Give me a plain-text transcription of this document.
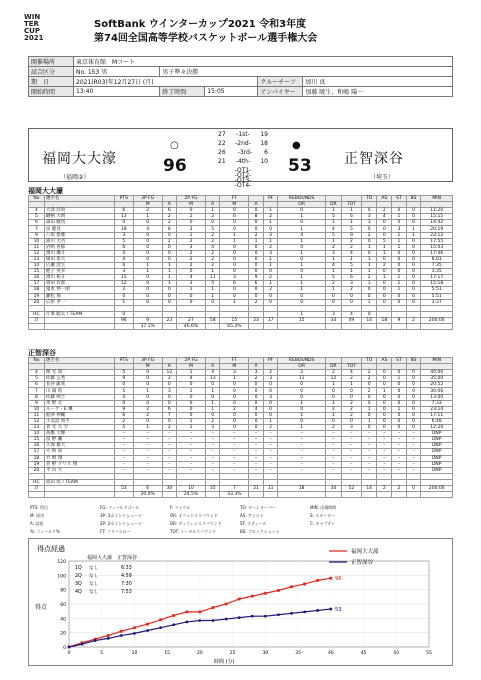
WIN
TER
CUP
2021
SoftBank ウインターカップ2021 令和3年度
第74回全国高等学校バスケットボール選手権大会
開催場所	東京体育館　Mコート				
試合区分	No. 153 男	男子準々決勝			
期　日	2021(R03)年12月27日 (月)			クルーチーフ	加川 真
開始時間	13:40	終了時間	15:05	アンパイヤー	加藤 暁生、和嶋 陽一
福岡大大濠
（福岡②）
○
96
●
53 正智深谷
（埼玉）
27 -1st- 19
22 -2nd- 18
26 -3rd- 6
21 -4th- 10
-OT1-
-OT2-
-OT3-
-OT4-
福岡大大濠
No	選手名	PTS	3P FG		2P FG		FT		PF	REBOUNDS			TO	AS	ST	BS	MIN
			M	A	M	A	M	A		OR	DR	TOT					
4	大澤 洋貴	6	2	6	0	1	0	0	1	0	1	1	0	2	0	0	11:20
5	鋤柄 大朗	13	1	2	2	2	6	8	2	1	5	6	3	4	1	0	15:15
6	森田 駿真	0	0	2	0	0	0	0	1	0	1	1	1	0	0	0	14:42
7	泉 健登	18	4	8	3	5	0	0	0	1	4	5	0	0	3	1	20:19
9	八坂 悠雅	3	0	0	1	2	1	2	3	4	5	9	2	0	1	1	23:12
10	浦川 大吾	5	0	2	2	2	1	1	1	1	1	2	0	5	1	0	17:55
11	岩崎 喜郁	6	0	0	3	4	0	0	2	0	2	2	1	1	1	0	15:03
12	湧川 颯斗	4	0	0	2	2	0	0	3	1	3	4	0	1	0	0	17:46
13	岡田 侑大	4	0	0	2	2	0	0	1	0	1	1	1	0	0	0	6:01
14	広瀬 洸生	6	1	1	2	2	0	0	1	1	4	5	1	2	0	0	7:35
15	蛭子 英幸	3	1	1	0	1	0	0	0	0	1	1	1	0	0	0	3:35
16	湧川 裕斗	15	0	1	4	11	3	9	2	1	5	6	2	1	1	0	17:17
17	須田 有郎	12	0	1	3	5	6	6	1	1	2	3	1	0	1	0	15:18
18	鬼本 伸一朗	2	0	0	1	1	0	0	2	1	1	2	0	0	1	0	5:51
19	藤松 翔	0	0	0	0	1	0	0	0	0	0	0	0	0	0	0	5:51
20	広原 孝一	1	0	0	0	0	1	2	0	0	0	0	1	0	0	0	3:37

HC	片峯 聡太 / TEAM	0								1	3	4	0				
計		96	9	23	27	58	15	23	17	15	34	49	14	18	9	2	200:00
			37.1%		46.6%		65.2%										
正智深谷
No	選手名	PTS	3P FG		2P FG		FT		PF	REBOUNDS			TO	AS	ST	BS	MIN
			M	A	M	A	M	A		OR	DR	TOT					
4	関 光 貴	5	0	12	1	4	3	3	2	2	2	4	2	0	0	0	40:00
5	佐藤 公秀	9	0	2	4	13	1	2	3	11	12	2	2	0	1	0	35:00
6	長谷 凱希	0	0	0	0	0	0	0	0	0	1	1	0	0	0	0	20:52
7	川 満 侑	5	1	3	1	1	0	0	0	0	0	0	2	1	0	0	30:06
8	佐藤 剣士	4	0	0	0	0	0	0	3	0	0	0	0	0	0	0	13:00
9	米 野 太	0	0	0	0	1	0	0	0	1	1	2	0	0	0	0	7:33
10	ルーク・E 颯	9	2	6	0	1	2	4	0	0	2	2	1	0	1	0	23:14
11	船津 伸輔	6	2	7	0	0	0	0	0	1	1	2	0	0	0	0	17:11
12	小美浪 周平	2	0	0	1	2	0	0	1	0	0	0	1	0	0	0	6:48
13	菅 光 大 空	5	1	2	1	3	0	0	2	1	2	3	0	0	0	0	12:20
14	高橋 大輝	–	–	–	–	–	–	–	–	–	–	–	–	–	–	–	DNP
15	冨 野 瀬	–	–	–	–	–	–	–	–	–	–	–	–	–	–	–	DNP
16	久保 雄大	–	–	–	–	–	–	–	–	–	–	–	–	–	–	–	DNP
17	大 和 尚	–	–	–	–	–	–	–	–	–	–	–	–	–	–	–	DNP
18	竹 崎 翔	–	–	–	–	–	–	–	–	–	–	–	–	–	–	–	DNP
19	菅 野 クリス 翔	–	–	–	–	–	–	–	–	–	–	–	–	–	–	–	DNP
20	平 山 大	–	–	–	–	–	–	–	–	–	–	–	–	–	–	–	DNP

HC	成田 靖 / TEAM																
計		53	6	30	10	35	7	21	11	18	34	52	14	2	2	0	200:00
			20.0%		24.5%		33.3%										
PTS: 得点	FG: フィールドゴール	F: ファウル	TO: ターンオーバー	MIN: 出場時間
M: 成功	3P: 3ポイントシュート	OR: オフェンスリバウンド	AS: アシスト	S: スターター
A: 試投	2P: 2ポイントシュート	DR: ディフェンスリバウンド	ST: スティール	C: キャプテン
%: フィールド%	FT: フリースロー	TOT: トータルリバウンド	BS: ブロックショット
得点経過
得点
時間 (分)
0
20
40
60
80
100
120
0	5	10	15	20	25	30	35	40	45	50	55
96
福岡大大濠
53
正智深谷
福岡大大濠 正智深谷
1Q なし	6:33
2Q なし	4:59
3Q なし	7:30
4Q なし	7:53
